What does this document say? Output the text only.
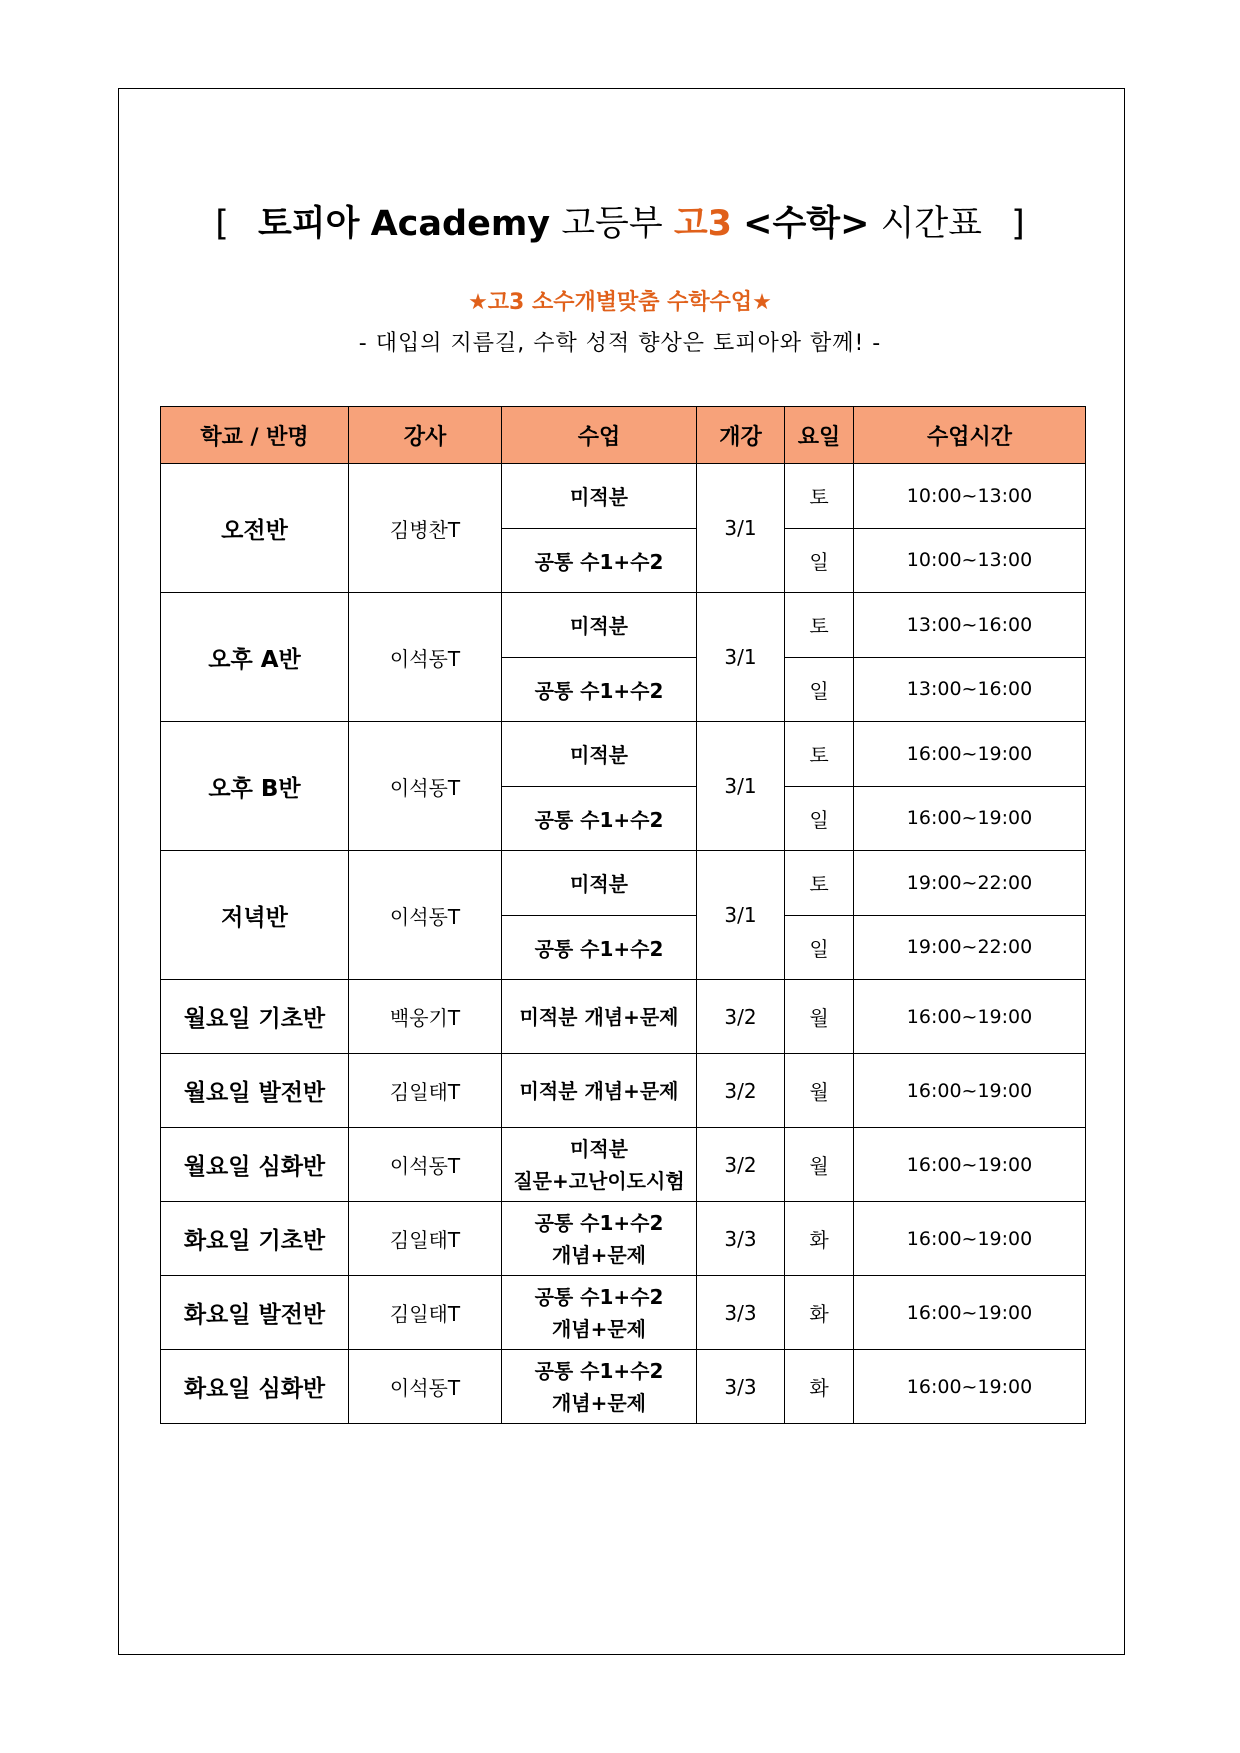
[ 토피아 Academy 고등부 고3 <수학> 시간표 ]
★고3 소수개별맞춤 수학수업★
- 대입의 지름길, 수학 성적 향상은 토피아와 함께! -
학교 / 반명	강사	수업	개강	요일	수업시간
오전반	김병찬T	미적분	3/1	토	10:00~13:00
		공통 수1+수2		일	10:00~13:00
오후 A반	이석동T	미적분	3/1	토	13:00~16:00
		공통 수1+수2		일	13:00~16:00
오후 B반	이석동T	미적분	3/1	토	16:00~19:00
		공통 수1+수2		일	16:00~19:00
저녁반	이석동T	미적분	3/1	토	19:00~22:00
		공통 수1+수2		일	19:00~22:00
월요일 기초반	백웅기T	미적분 개념+문제	3/2	월	16:00~19:00
월요일 발전반	김일태T	미적분 개념+문제	3/2	월	16:00~19:00
월요일 심화반	이석동T	미적분
질문+고난이도시험	3/2	월	16:00~19:00
화요일 기초반	김일태T	공통 수1+수2
개념+문제	3/3	화	16:00~19:00
화요일 발전반	김일태T	공통 수1+수2
개념+문제	3/3	화	16:00~19:00
화요일 심화반	이석동T	공통 수1+수2
개념+문제	3/3	화	16:00~19:00
